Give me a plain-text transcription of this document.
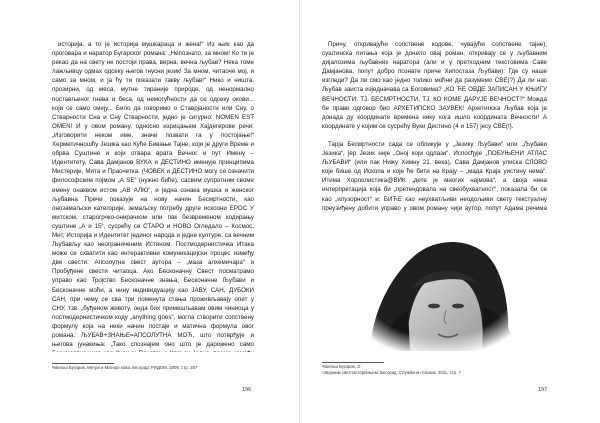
историја, а то је историја мушкараца и жена!“ Из њих као да проговара и наратор Бугарског романа: „Непознато, за мном! Ко ти је рекао да на свету не постоји права, верна, вечна љубав? Нека томе лажљивцу одмах одсеку његов гнусни језик! За мном, читаоче мој, и само за мном, и ја ћу ти показати такву љубав!“ Нико и ништа, прозирни, од меса, мутне тираније природе, од ненормално постављеног гнева и беса, од немогућности да се одсеку окови... који се само смеју... Било да говоримо о Ставрјаности или Сну, о Стварности Сна и Сну Стварности, једно је сигурно: NOMEN EST OMEN! И у овом роману, односно изрицањем Хајдегерове речи: „Изговорити неком име, значи позвати га у постојање!“ Херметичношћу Језика као Куће Бивање Тајне, који је други Време и обрва Суштине и који отвара врата Вечног и пут Имену – Идентитету, Сава Дамјанов ВУКА и ДЕСТИНО именује принципима Мистерије, Мита и Праочетка. (ЧОВЕК и ДЕСТИНО могу се означити философским појмом „А SE“ (нужно биће), сасвим супротним своме имену онаквом истом „АВ АЛЮ“, и једна ознака мушка и женског љубавна Пречи показује на нову начин Бесмртности, као онозамаљски категорије, земаљску потребу друге искоони ЕРОС У митском, старогрчко-онирачком или пак безвременом кодирању суштине „А и 15“, сусрећу се СТАРО и НОВО Огледало – Космос, Мит, Историја и Идентитет јединог народа и једне културе, са вечним Љубављу као неограниченим Истином. Постмодернистичка Итака може се схватити као интерактивни комуникацијски процес између две свести: Апсолутна свест аутора – „маза алхемичара“ и Пробуђене свести читаоца. Ако Бесконачну Свест посматрамо управо као Тројство Бесконачне знања, Бесконачне Љубави и Бесконачне моћи, а нину индивидуацију као ЈАВУ, САН, ДУБОКИ САН, при чему се сва три поменута стања проживљавају опет у СНУ, тзв. „буђеном животу, онда бих примешљавам овим чиниоца у постмодернистичком коду „anything goes“, могла створити сопствену формулу која на неки начин постаје и матична формула овог романа: ЉУБАВ+ЗНАЊЕ=АПСОЛУТНА МОЋ, што потврђује и његова јунакиња: „Тако спознајем оно што је дарожено само

¹Милош Бугаров, Метри и Матице кова, Београд: РИДОМ, 2009, стр. 287
196

Причу, откривајући сопствене кодове, чувајући сопствене тајне); суштинска питања која је донело овај роман, откривају се у љубавним дијалозима љубавних наратора (али и у претходним текстовима Саве Дамјанова, попут добро познате приче Хипостаза Љубави): Где су наше изгледи? Да ли смо као једно толико моћни да разумемо СВЕ(?) Да ли нас Љубав заиста изједначава са Боговима? „КО ЋЕ ОВДЕ ЗАПИСАН У КЊИГУ ВЕЧНОСТИ, ТЈ. БЕСМРТНОСТИ, ТЈ. КО КОМЕ ДАРУЈЕ ВЕЧНОСТ?“ Можда бе праве одговор био АРХЕТИПСКО ЗАУВЕК! Архетипска Љубав која је донада ду координате времена нику кога ишло координата Вечности! А координате у којим се сусрећу Вуки Дестино (4 и 157) јесу СВЕ(!).

Тарја Бесмртности сада се обликује у „Језику Љубави“ или „Љубави Језика“, јер Језик није „Оној који одлази“. Испосђује „ПОБУЊЕНИ АТЛАС ЉУБАВИ“ (или пак Нижу Химну 21. века), Сава Дамјанов улиска СЛОВО које бише од Ископа и које ће бити на Крају – „мада Краја уистину нема“. Итима Хорлолистика@ВИК „дете је многих најмова“, а своја нина интерпретација која би „претендовала на свеобухватност“, показала би се као „илузорност“ и: БИЋЕ као неухватљиви неодољиви свету текстуалну преузиђену добити управо у овом роману чији аутор, попут Адама речима

²Милош Бугаров, О
говорним светлостерпињем: Београд: Службени гласник, 2011, стр. 7
197
